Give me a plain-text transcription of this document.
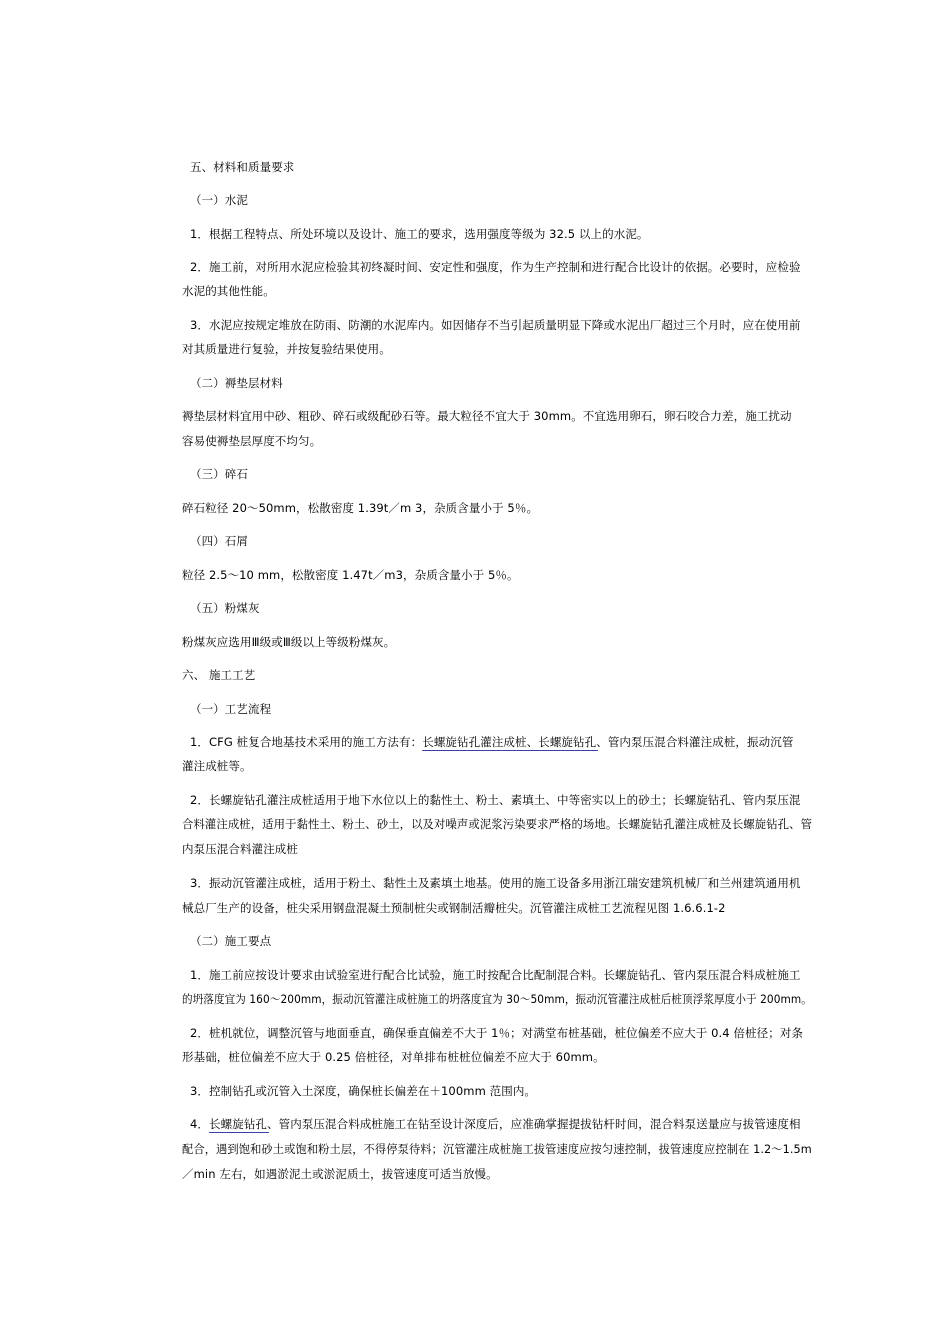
五、材料和质量要求
（一）水泥
1．根据工程特点、所处环境以及设计、施工的要求，选用强度等级为 32.5 以上的水泥。
2．施工前，对所用水泥应检验其初终凝时间、安定性和强度，作为生产控制和进行配合比设计的依据。必要时，应检验
水泥的其他性能。
3．水泥应按规定堆放在防雨、防潮的水泥库内。如因储存不当引起质量明显下降或水泥出厂超过三个月时，应在使用前
对其质量进行复验，并按复验结果使用。
（二）褥垫层材料
褥垫层材料宜用中砂、粗砂、碎石或级配砂石等。最大粒径不宜大于 30mm。不宜选用卵石，卵石咬合力差，施工扰动
容易使褥垫层厚度不均匀。
（三）碎石
碎石粒径 20～50mm，松散密度 1.39t／m 3，杂质含量小于 5％。
（四）石屑
粒径 2.5～10 mm，松散密度 1.47t／m3，杂质含量小于 5％。
（五）粉煤灰
粉煤灰应选用Ⅲ级或Ⅲ级以上等级粉煤灰。
六、 施工工艺
（一）工艺流程
1．CFG 桩复合地基技术采用的施工方法有：长螺旋钻孔灌注成桩、长螺旋钻孔、管内泵压混合料灌注成桩，振动沉管
灌注成桩等。
2．长螺旋钻孔灌注成桩适用于地下水位以上的黏性土、粉土、素填土、中等密实以上的砂土；长螺旋钻孔、管内泵压混
合料灌注成桩，适用于黏性土、粉土、砂土，以及对噪声或泥浆污染要求严格的场地。长螺旋钻孔灌注成桩及长螺旋钻孔、管
内泵压混合料灌注成桩
3．振动沉管灌注成桩，适用于粉土、黏性土及素填土地基。使用的施工设备多用浙江瑞安建筑机械厂和兰州建筑通用机
械总厂生产的设备，桩尖采用钢盘混凝土预制桩尖或钢制活瓣桩尖。沉管灌注成桩工艺流程见图 1.6.6.1-2
（二）施工要点
1．施工前应按设计要求由试验室进行配合比试验，施工时按配合比配制混合料。长螺旋钻孔、管内泵压混合料成桩施工
的坍落度宜为 160～200mm，振动沉管灌注成桩施工的坍落度宜为 30～50mm，振动沉管灌注成桩后桩顶浮浆厚度小于 200mm。
2．桩机就位，调整沉管与地面垂直，确保垂直偏差不大于 1％；对满堂布桩基础，桩位偏差不应大于 0.4 倍桩径；对条
形基础，桩位偏差不应大于 0.25 倍桩径，对单排布桩桩位偏差不应大于 60mm。
3．控制钻孔或沉管入土深度，确保桩长偏差在＋100mm 范围内。
4．长螺旋钻孔、管内泵压混合料成桩施工在钻至设计深度后，应准确掌握提拔钻杆时间，混合料泵送量应与拔管速度相
配合，遇到饱和砂土或饱和粉土层，不得停泵待料；沉管灌注成桩施工拔管速度应按匀速控制，拔管速度应控制在 1.2～1.5m
／min 左右，如遇淤泥土或淤泥质土，拔管速度可适当放慢。
